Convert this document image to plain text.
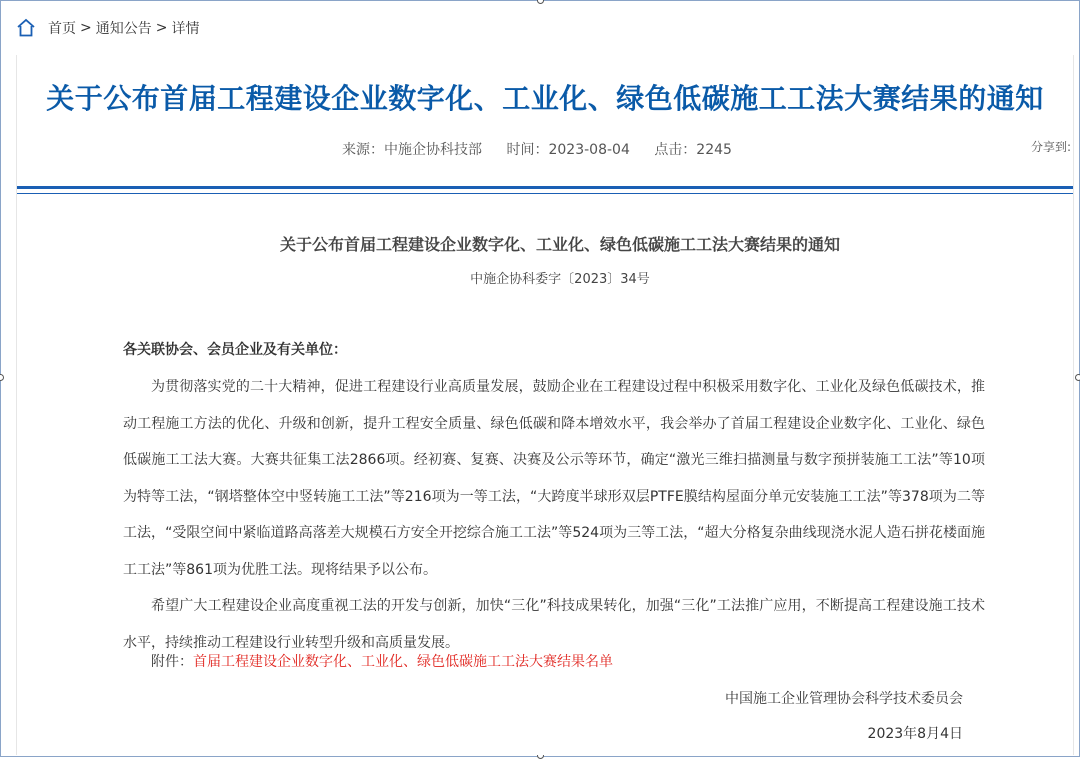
首页 > 通知公告 > 详情
关于公布首届工程建设企业数字化、工业化、绿色低碳施工工法大赛结果的通知
来源：中施企协科技部 时间：2023-08-04 点击：2245	分享到:
关于公布首届工程建设企业数字化、工业化、绿色低碳施工工法大赛结果的通知
中施企协科委字〔2023〕34号
各关联协会、会员企业及有关单位：

为贯彻落实党的二十大精神，促进工程建设行业高质量发展，鼓励企业在工程建设过程中积极采用数字化、工业化及绿色低碳技术，推动工程施工方法的优化、升级和创新，提升工程安全质量、绿色低碳和降本增效水平，我会举办了首届工程建设企业数字化、工业化、绿色低碳施工工法大赛。大赛共征集工法2866项。经初赛、复赛、决赛及公示等环节，确定“激光三维扫描测量与数字预拼装施工工法”等10项为特等工法，“钢塔整体空中竖转施工工法”等216项为一等工法，“大跨度半球形双层PTFE膜结构屋面分单元安装施工工法”等378项为二等工法，“受限空间中紧临道路高落差大规模石方安全开挖综合施工工法”等524项为三等工法，“超大分格复杂曲线现浇水泥人造石拼花楼面施工工法”等861项为优胜工法。现将结果予以公布。

希望广大工程建设企业高度重视工法的开发与创新，加快“三化”科技成果转化，加强“三化”工法推广应用，不断提高工程建设施工技术水平，持续推动工程建设行业转型升级和高质量发展。

附件：首届工程建设企业数字化、工业化、绿色低碳施工工法大赛结果名单
中国施工企业管理协会科学技术委员会
2023年8月4日
